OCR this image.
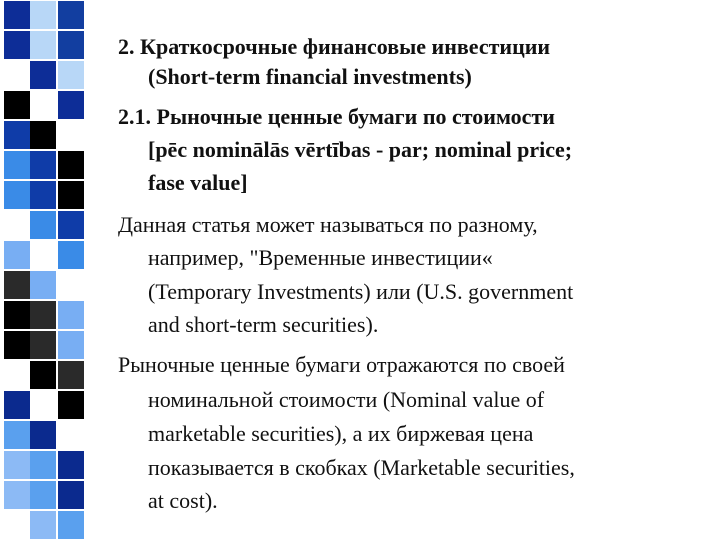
2. Краткосрочные финансовые инвестиции
(Short-term financial investments)
2.1. Рыночные ценные бумаги по стоимости
[pēc nominālās vērtības - par; nominal price;
fase value]
Данная статья может называться по разному,
например, "Временные инвестиции«
(Temporary Investments) или (U.S. government
and short-term securities).
Рыночные ценные бумаги отражаются по своей
номинальной стоимости (Nominal value of
marketable securities), а их биржевая цена
показывается в скобках (Marketable securities,
at cost).
